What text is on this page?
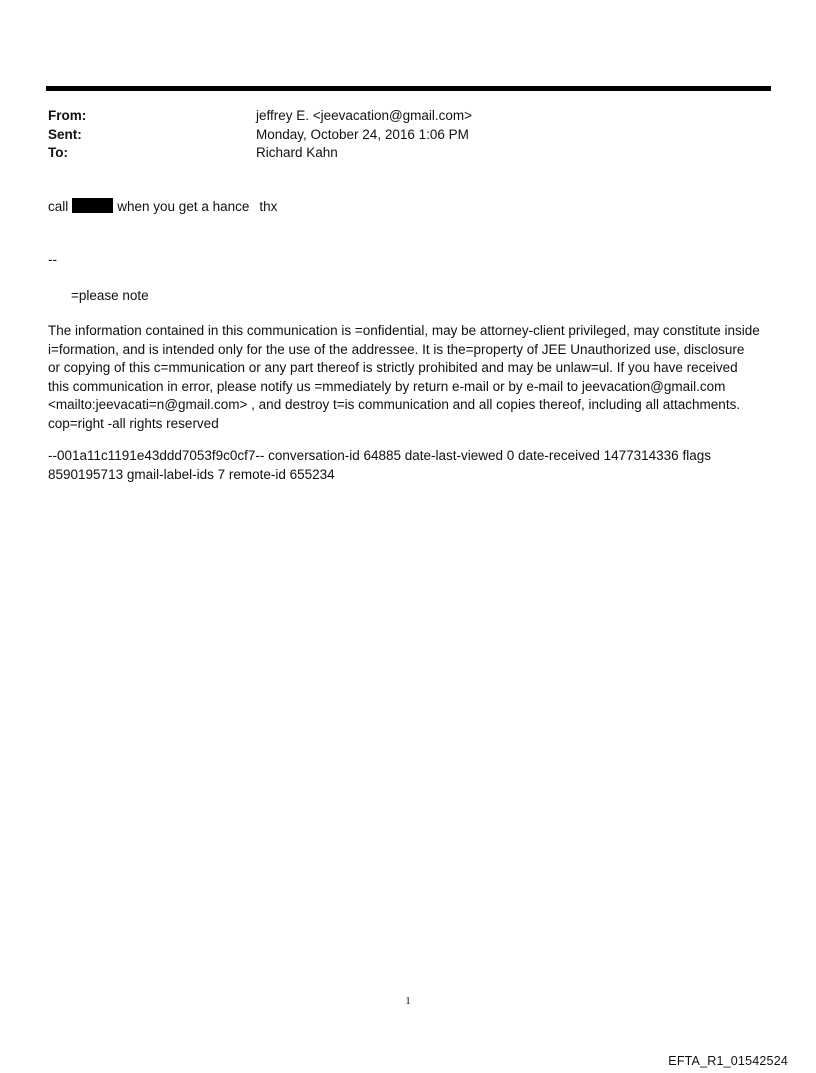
From:	jeffrey E. <jeevacation@gmail.com>
Sent:	Monday, October 24, 2016 1:06 PM
To:	Richard Kahn
call	when you get a hance thx
--
=please note
The information contained in this communication is =onfidential, may be attorney-client privileged, may constitute inside i=formation, and is intended only for the use of the addressee. It is the=property of JEE Unauthorized use, disclosure or copying of this c=mmunication or any part thereof is strictly prohibited and may be unlaw=ul. If you have received this communication in error, please notify us =mmediately by return e-mail or by e-mail to jeevacation@gmail.com <mailto:jeevacati=n@gmail.com> , and destroy t=is communication and all copies thereof, including all attachments. cop=right -all rights reserved
--001a11c1191e43ddd7053f9c0cf7-- conversation-id 64885 date-last-viewed 0 date-received 1477314336 flags 8590195713 gmail-label-ids 7 remote-id 655234
1
EFTA_R1_01542524
